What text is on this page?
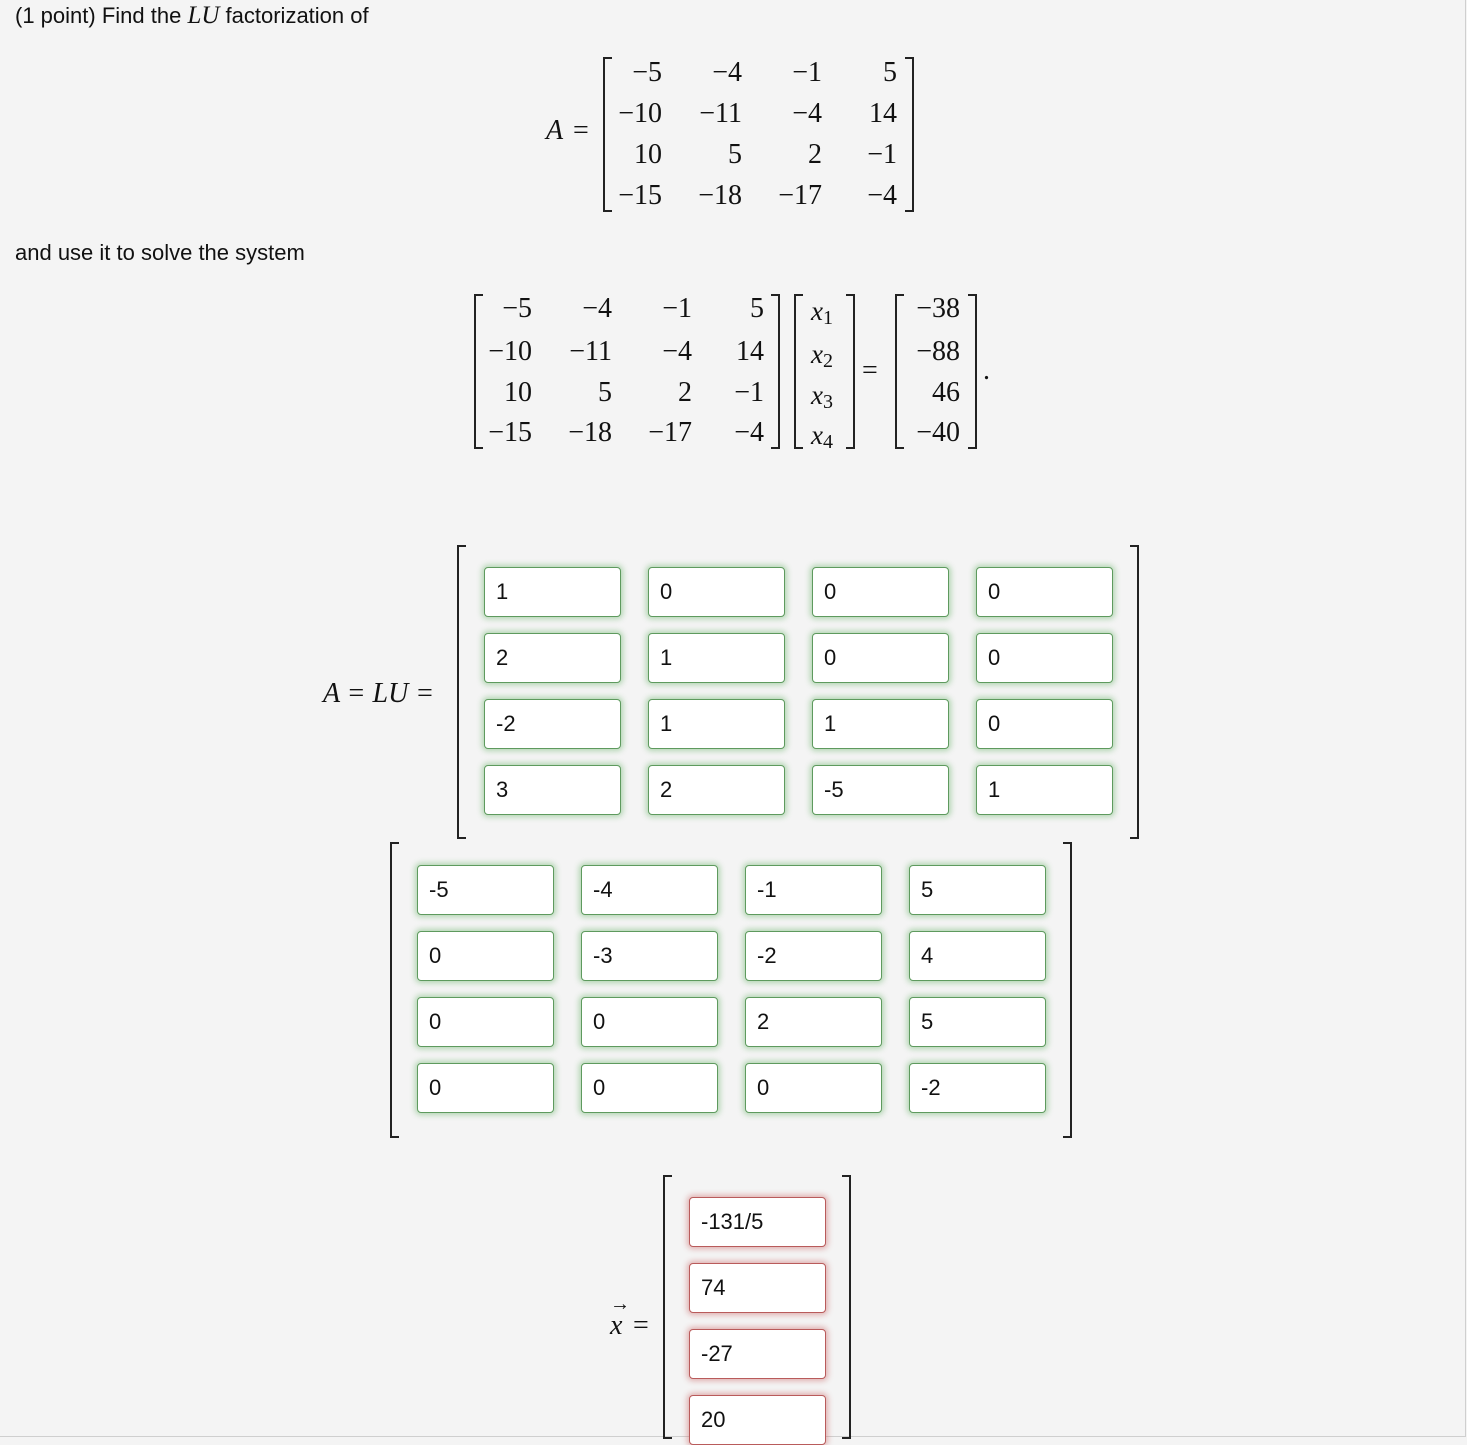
(1 point) Find the LU factorization of
A =
−5 −4 −1 5
−10 −11 −4 14
10 5 2 −1
−15 −18 −17 −4
and use it to solve the system
−5 −4 −1 5
−10 −11 −4 14
10 5 2 −1
−15 −18 −17 −4
$x_1$
$x_2$
$x_3$
$x_4$
=
−38
−88
46
−40
.
A = LU =
1
0
0
0
2
1
0
0
-2
1
1
0
3
2
-5
1
-5
-4
-1
5
0
-3
-2
4
0
0
2
5
0
0
0
-2
→
x =
-131/5
74
-27
20
